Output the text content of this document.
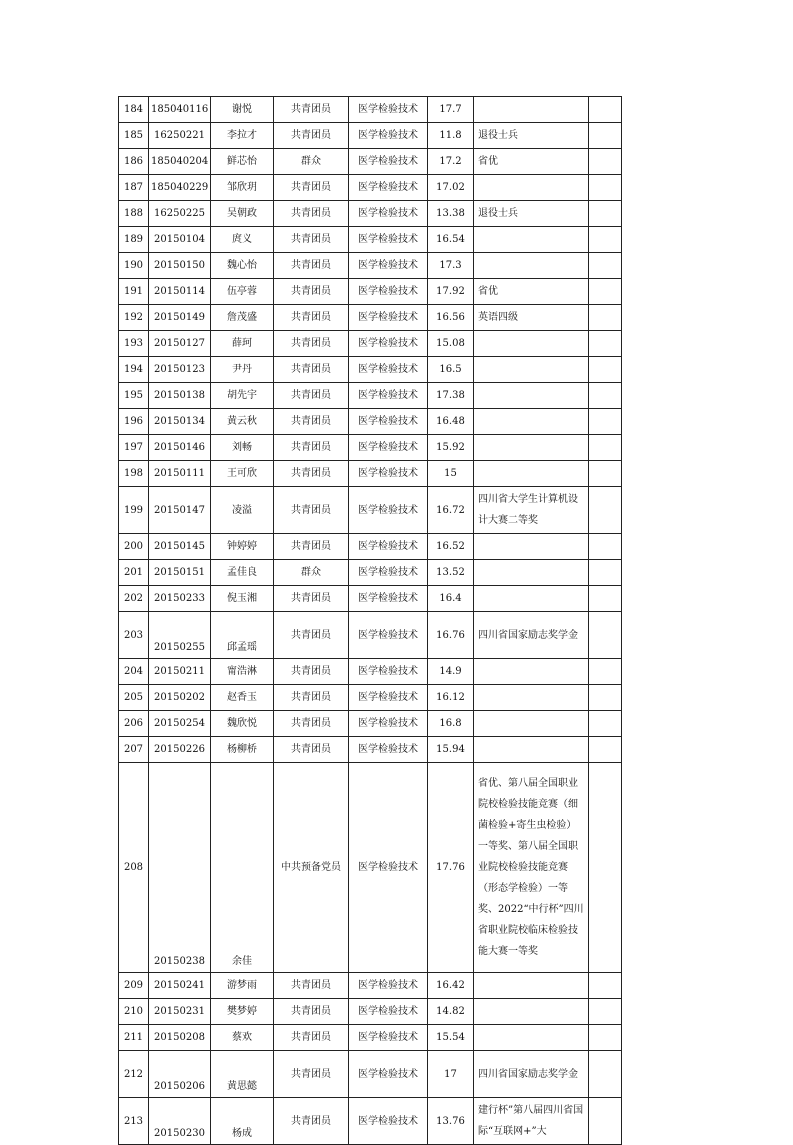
184	185040116	谢悦	共青团员	医学检验技术	17.7		
185	16250221	李拉才	共青团员	医学检验技术	11.8	退役士兵	
186	185040204	鲜芯怡	群众	医学检验技术	17.2	省优	
187	185040229	邹欣玥	共青团员	医学检验技术	17.02		
188	16250225	吴朝政	共青团员	医学检验技术	13.38	退役士兵	
189	20150104	庹义	共青团员	医学检验技术	16.54		
190	20150150	魏心怡	共青团员	医学检验技术	17.3		
191	20150114	伍亭蓉	共青团员	医学检验技术	17.92	省优	
192	20150149	詹茂盛	共青团员	医学检验技术	16.56	英语四级	
193	20150127	薛珂	共青团员	医学检验技术	15.08		
194	20150123	尹丹	共青团员	医学检验技术	16.5		
195	20150138	胡先宇	共青团员	医学检验技术	17.38		
196	20150134	黄云秋	共青团员	医学检验技术	16.48		
197	20150146	刘畅	共青团员	医学检验技术	15.92		
198	20150111	王可欣	共青团员	医学检验技术	15		
199	20150147	凌溢	共青团员	医学检验技术	16.72	四川省大学生计算机设计大赛二等奖	
200	20150145	钟婷婷	共青团员	医学检验技术	16.52		
201	20150151	孟佳良	群众	医学检验技术	13.52		
202	20150233	倪玉湘	共青团员	医学检验技术	16.4		
203	20150255	邱孟瑶	共青团员	医学检验技术	16.76	四川省国家励志奖学金	
204	20150211	甯浩淋	共青团员	医学检验技术	14.9		
205	20150202	赵香玉	共青团员	医学检验技术	16.12		
206	20150254	魏欣悦	共青团员	医学检验技术	16.8		
207	20150226	杨柳桥	共青团员	医学检验技术	15.94		
208	20150238	余佳	中共预备党员	医学检验技术	17.76	省优、第八届全国职业院校检验技能竞赛（细菌检验+寄生虫检验）一等奖、第八届全国职业院校检验技能竞赛（形态学检验）一等奖、2022“中行杯”四川省职业院校临床检验技能大赛一等奖	
209	20150241	游梦雨	共青团员	医学检验技术	16.42		
210	20150231	樊梦婷	共青团员	医学检验技术	14.82		
211	20150208	蔡欢	共青团员	医学检验技术	15.54		
212	20150206	黄思懿	共青团员	医学检验技术	17	四川省国家励志奖学金	
213	20150230	杨成	共青团员	医学检验技术	13.76	建行杯”第八届四川省国际“互联网+”大	
